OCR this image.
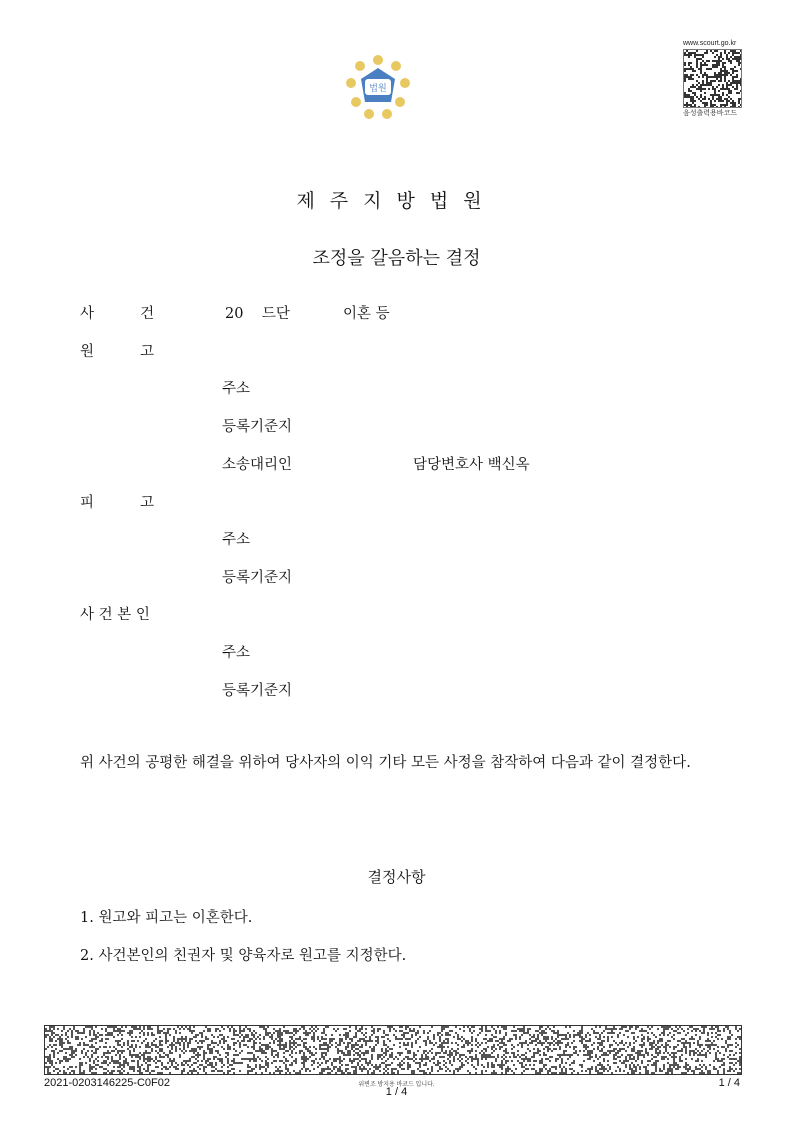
법원
www.scourt.go.kr
음성출력용바코드
제주지방법원
조정을 갈음하는 결정
사          건	20    드단	이혼 등
원          고
주소
등록기준지
소송대리인	담당변호사 백신옥
피          고
주소
등록기준지
사 건 본 인
주소
등록기준지
위 사건의 공평한 해결을 위하여 당사자의 이익 기타 모든 사정을 참작하여 다음과 같이 결정한다.
결정사항
1. 원고와 피고는 이혼한다.
2. 사건본인의 친권자 및 양육자로 원고를 지정한다.
2021-0203146225-C0F02	위변조 방지용 바코드 입니다.
1 / 4
1 / 4
